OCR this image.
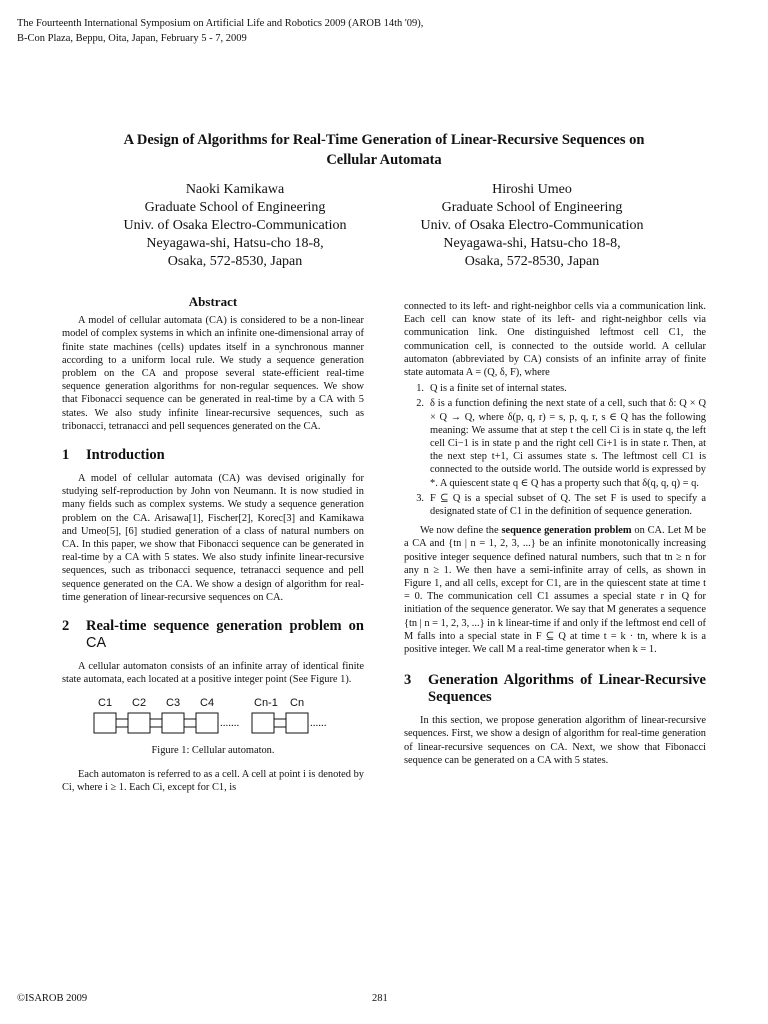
The Fourteenth International Symposium on Artificial Life and Robotics 2009 (AROB 14th '09),
B-Con Plaza, Beppu, Oita, Japan, February 5 - 7, 2009
A Design of Algorithms for Real-Time Generation of Linear-Recursive Sequences on
Cellular Automata
Naoki Kamikawa
Graduate School of Engineering
Univ. of Osaka Electro-Communication
Neyagawa-shi, Hatsu-cho 18-8,
Osaka, 572-8530, Japan
Hiroshi Umeo
Graduate School of Engineering
Univ. of Osaka Electro-Communication
Neyagawa-shi, Hatsu-cho 18-8,
Osaka, 572-8530, Japan
Abstract

A model of cellular automata (CA) is considered to be a non-linear model of complex systems in which an infinite one-dimensional array of finite state machines (cells) updates itself in a synchronous manner according to a uniform local rule. We study a sequence generation problem on the CA and propose several state-efficient real-time sequence generation algorithms for non-regular sequences. We show that Fibonacci sequence can be generated in real-time by a CA with 5 states. We also study infinite linear-recursive sequences, such as tribonacci, tetranacci and pell sequences generated on the CA.

1	Introduction

A model of cellular automata (CA) was devised originally for studying self-reproduction by John von Neumann. It is now studied in many fields such as complex systems. We study a sequence generation problem on the CA. Arisawa[1], Fischer[2], Korec[3] and Kamikawa and Umeo[5], [6] studied generation of a class of natural numbers on CA. In this paper, we show that Fibonacci sequence can be generated in real-time by a CA with 5 states. We also study infinite linear-recursive sequences, such as tribonacci sequence, tetranacci sequence and pell sequence generated on the CA. We show a design of algorithm for real-time generation of linear-recursive sequences on CA.

2	Real-time sequence generation problem on CA

A cellular automaton consists of an infinite array of identical finite state automata, each located at a positive integer point (See Figure 1).

C1 C2 C3 C4	Cn-1 Cn
.......	......
Figure 1: Cellular automaton.

Each automaton is referred to as a cell. A cell at point i is denoted by Ci, where i ≥ 1. Each Ci, except for C1, is

connected to its left- and right-neighbor cells via a communication link. Each cell can know state of its left- and right-neighbor cells via communication link. One distinguished leftmost cell C1, the communication cell, is connected to the outside world. A cellular automaton (abbreviated by CA) consists of an infinite array of finite state automata A = (Q, δ, F), where

1. Q is a finite set of internal states.
2. δ is a function defining the next state of a cell, such that δ: Q × Q × Q → Q, where δ(p, q, r) = s, p, q, r, s ∈ Q has the following meaning: We assume that at step t the cell Ci is in state q, the left cell Ci−1 is in state p and the right cell Ci+1 is in state r. Then, at the next step t+1, Ci assumes state s. The leftmost cell C1 is connected to the outside world. The outside world is expressed by *. A quiescent state q ∈ Q has a property such that δ(q, q, q) = q.
3. F ⊆ Q is a special subset of Q. The set F is used to specify a designated state of C1 in the definition of sequence generation.

We now define the sequence generation problem on CA. Let M be a CA and {tn | n = 1, 2, 3, ...} be an infinite monotonically increasing positive integer sequence defined natural numbers, such that tn ≥ n for any n ≥ 1. We then have a semi-infinite array of cells, as shown in Figure 1, and all cells, except for C1, are in the quiescent state at time t = 0. The communication cell C1 assumes a special state r in Q for initiation of the sequence generator. We say that M generates a sequence {tn | n = 1, 2, 3, ...} in k linear-time if and only if the leftmost end cell of M falls into a special state in F ⊆ Q at time t = k · tn, where k is a positive integer. We call M a real-time generator when k = 1.

3	Generation Algorithms of Linear-Recursive Sequences

In this section, we propose generation algorithm of linear-recursive sequences. First, we show a design of algorithm for real-time generation of linear-recursive sequences on CA. Next, we show that Fibonacci sequence can be generated on a CA with 5 states.

©ISAROB 2009	281
